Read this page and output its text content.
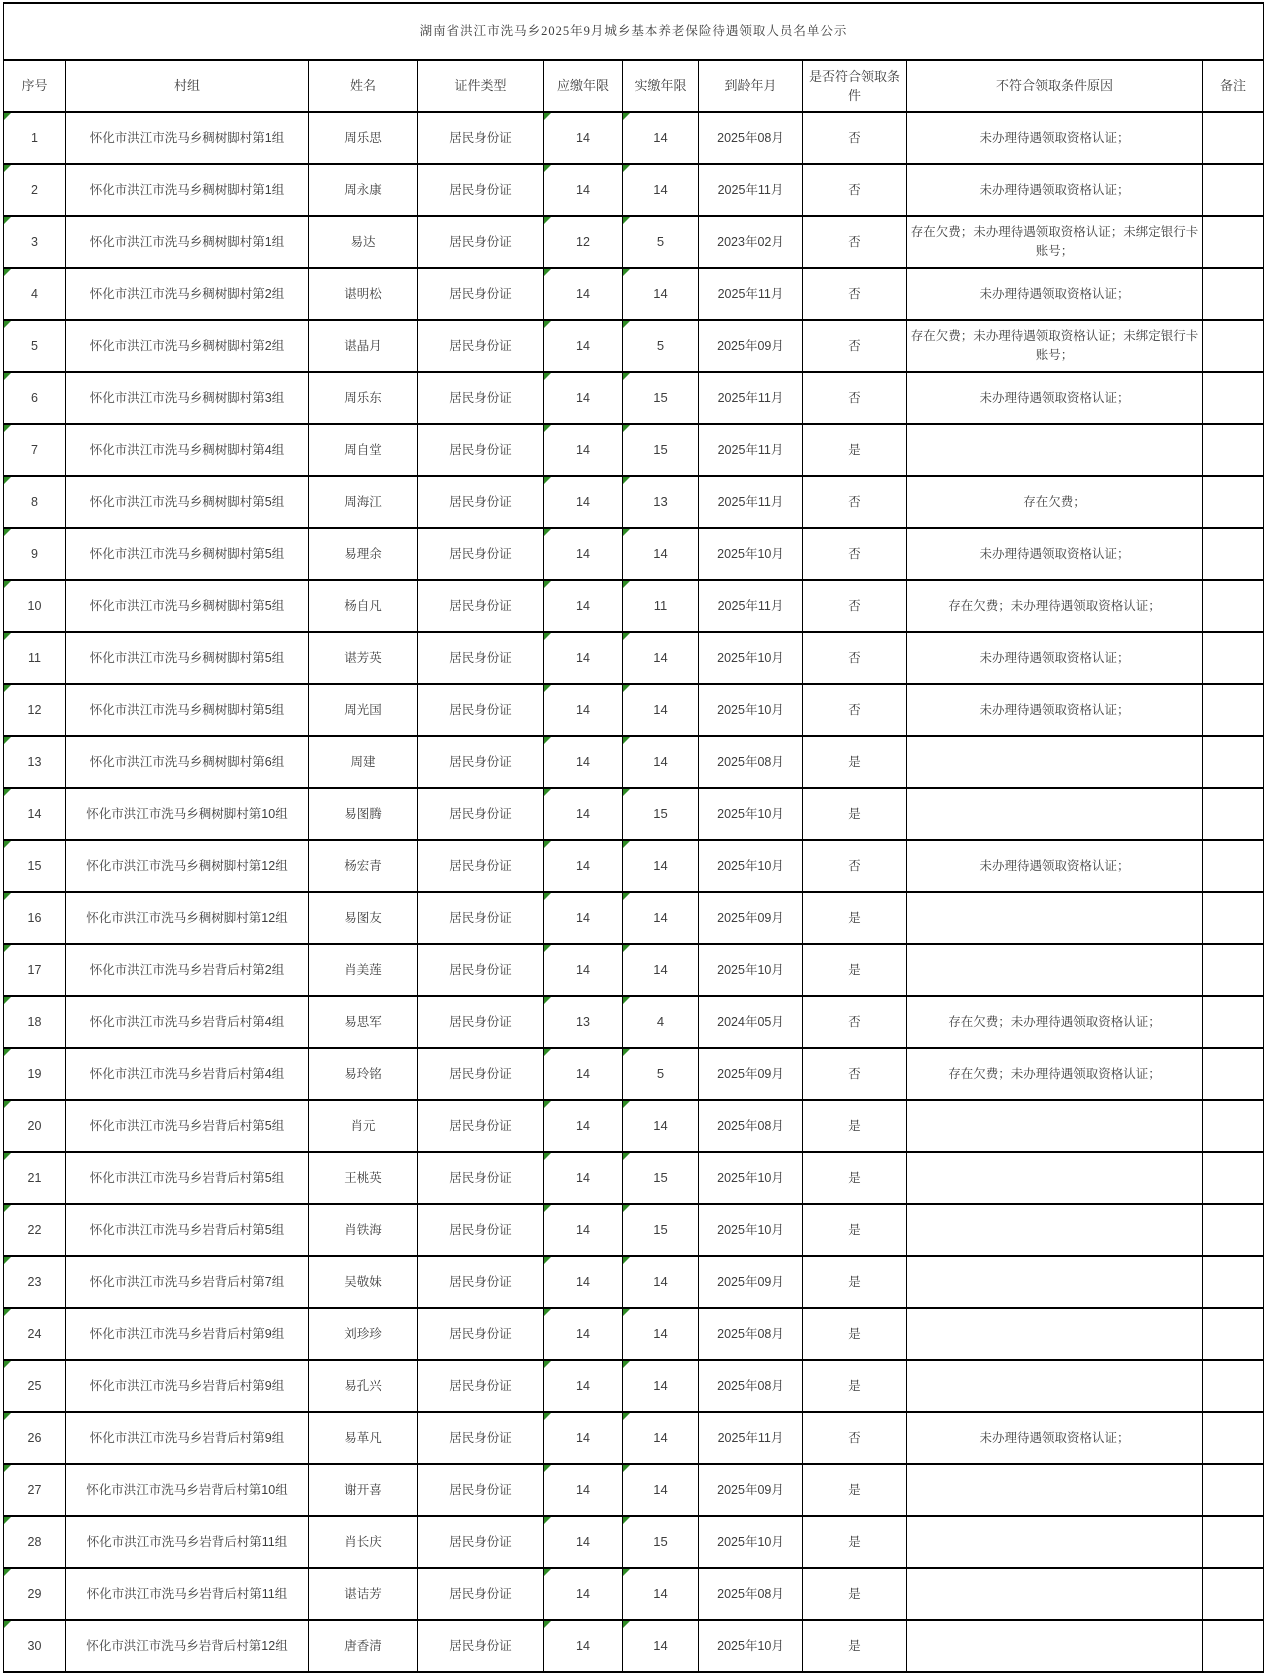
湖南省洪江市洗马乡2025年9月城乡基本养老保险待遇领取人员名单公示									
序号	村组	姓名	证件类型	应缴年限	实缴年限	到龄年月	是否符合领取条件	不符合领取条件原因	备注
1	怀化市洪江市洗马乡稠树脚村第1组	周乐思	居民身份证	14	14	2025年08月	否	未办理待遇领取资格认证；	
2	怀化市洪江市洗马乡稠树脚村第1组	周永康	居民身份证	14	14	2025年11月	否	未办理待遇领取资格认证；	
3	怀化市洪江市洗马乡稠树脚村第1组	易达	居民身份证	12	5	2023年02月	否	存在欠费；未办理待遇领取资格认证；未绑定银行卡账号；	
4	怀化市洪江市洗马乡稠树脚村第2组	谌明松	居民身份证	14	14	2025年11月	否	未办理待遇领取资格认证；	
5	怀化市洪江市洗马乡稠树脚村第2组	谌晶月	居民身份证	14	5	2025年09月	否	存在欠费；未办理待遇领取资格认证；未绑定银行卡账号；	
6	怀化市洪江市洗马乡稠树脚村第3组	周乐东	居民身份证	14	15	2025年11月	否	未办理待遇领取资格认证；	
7	怀化市洪江市洗马乡稠树脚村第4组	周自堂	居民身份证	14	15	2025年11月	是		
8	怀化市洪江市洗马乡稠树脚村第5组	周海江	居民身份证	14	13	2025年11月	否	存在欠费；	
9	怀化市洪江市洗马乡稠树脚村第5组	易理余	居民身份证	14	14	2025年10月	否	未办理待遇领取资格认证；	
10	怀化市洪江市洗马乡稠树脚村第5组	杨自凡	居民身份证	14	11	2025年11月	否	存在欠费；未办理待遇领取资格认证；	
11	怀化市洪江市洗马乡稠树脚村第5组	谌芳英	居民身份证	14	14	2025年10月	否	未办理待遇领取资格认证；	
12	怀化市洪江市洗马乡稠树脚村第5组	周光国	居民身份证	14	14	2025年10月	否	未办理待遇领取资格认证；	
13	怀化市洪江市洗马乡稠树脚村第6组	周建	居民身份证	14	14	2025年08月	是		
14	怀化市洪江市洗马乡稠树脚村第10组	易图腾	居民身份证	14	15	2025年10月	是		
15	怀化市洪江市洗马乡稠树脚村第12组	杨宏青	居民身份证	14	14	2025年10月	否	未办理待遇领取资格认证；	
16	怀化市洪江市洗马乡稠树脚村第12组	易图友	居民身份证	14	14	2025年09月	是		
17	怀化市洪江市洗马乡岩背后村第2组	肖美莲	居民身份证	14	14	2025年10月	是		
18	怀化市洪江市洗马乡岩背后村第4组	易思军	居民身份证	13	4	2024年05月	否	存在欠费；未办理待遇领取资格认证；	
19	怀化市洪江市洗马乡岩背后村第4组	易玲铭	居民身份证	14	5	2025年09月	否	存在欠费；未办理待遇领取资格认证；	
20	怀化市洪江市洗马乡岩背后村第5组	肖元	居民身份证	14	14	2025年08月	是		
21	怀化市洪江市洗马乡岩背后村第5组	王桃英	居民身份证	14	15	2025年10月	是		
22	怀化市洪江市洗马乡岩背后村第5组	肖铁海	居民身份证	14	15	2025年10月	是		
23	怀化市洪江市洗马乡岩背后村第7组	吴敬妹	居民身份证	14	14	2025年09月	是		
24	怀化市洪江市洗马乡岩背后村第9组	刘珍珍	居民身份证	14	14	2025年08月	是		
25	怀化市洪江市洗马乡岩背后村第9组	易孔兴	居民身份证	14	14	2025年08月	是		
26	怀化市洪江市洗马乡岩背后村第9组	易革凡	居民身份证	14	14	2025年11月	否	未办理待遇领取资格认证；	
27	怀化市洪江市洗马乡岩背后村第10组	谢开喜	居民身份证	14	14	2025年09月	是		
28	怀化市洪江市洗马乡岩背后村第11组	肖长庆	居民身份证	14	15	2025年10月	是		
29	怀化市洪江市洗马乡岩背后村第11组	谌诘芳	居民身份证	14	14	2025年08月	是		
30	怀化市洪江市洗马乡岩背后村第12组	唐香清	居民身份证	14	14	2025年10月	是		
